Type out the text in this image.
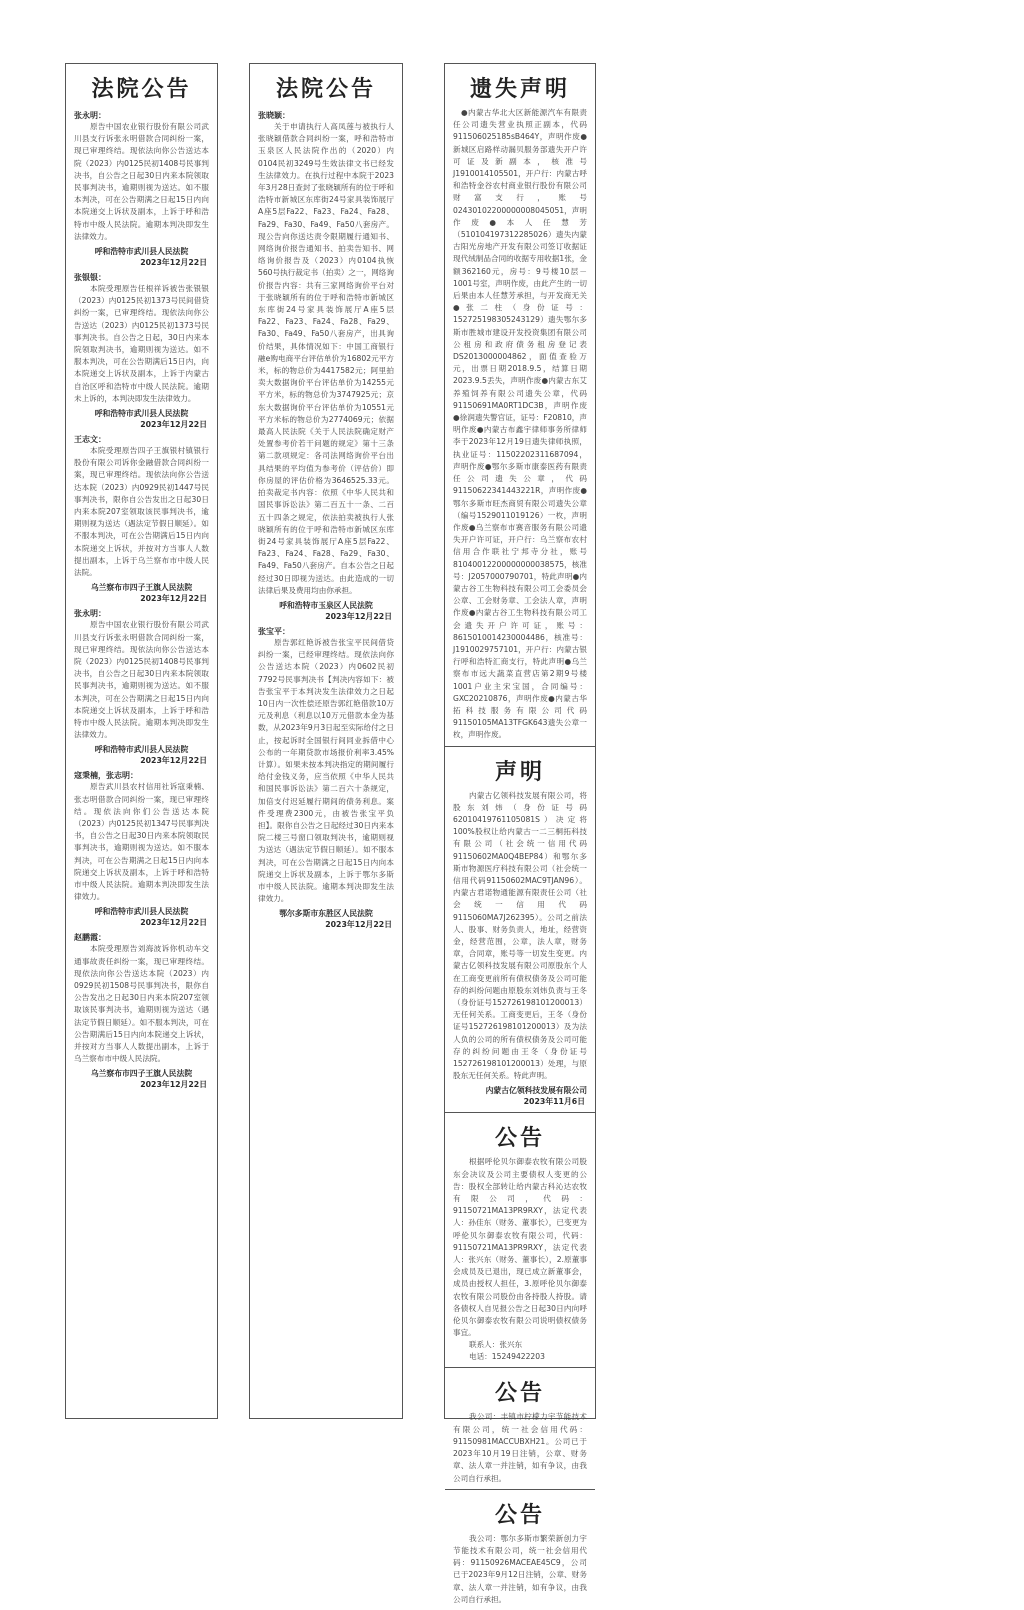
法院公告
张永明：

原告中国农业银行股份有限公司武川县支行诉张永明借款合同纠纷一案，现已审理终结。现依法向你公告送达本院（2023）内0125民初1408号民事判决书，自公告之日起30日内来本院领取民事判决书，逾期则视为送达。如不服本判决，可在公告期满之日起15日内向本院递交上诉状及副本，上诉于呼和浩特市中级人民法院。逾期本判决即发生法律效力。

呼和浩特市武川县人民法院
2023年12月22日
张银银：

本院受理原告任根祥诉被告张银银（2023）内0125民初1373号民间借贷纠纷一案，已审理终结。现依法向你公告送达（2023）内0125民初1373号民事判决书。自公告之日起，30日内来本院领取判决书，逾期则视为送达。如不服本判决，可在公告期满后15日内，向本院递交上诉状及副本，上诉于内蒙古自治区呼和浩特市中级人民法院。逾期未上诉的，本判决即发生法律效力。

呼和浩特市武川县人民法院
2023年12月22日
王志文：

本院受理原告四子王旗银村镇银行股份有限公司诉你金融借款合同纠纷一案，现已审理终结。现依法向你公告送达本院（2023）内0929民初1447号民事判决书，限你自公告发出之日起30日内来本院207室领取该民事判决书，逾期则视为送达（遇法定节假日顺延）。如不服本判决，可在公告期满后15日内向本院递交上诉状，并按对方当事人人数提出副本，上诉于乌兰察布市中级人民法院。

乌兰察布市四子王旗人民法院
2023年12月22日
张永明：

原告中国农业银行股份有限公司武川县支行诉张永明借款合同纠纷一案，现已审理终结。现依法向你公告送达本院（2023）内0125民初1408号民事判决书，自公告之日起30日内来本院领取民事判决书，逾期则视为送达。如不服本判决，可在公告期满之日起15日内向本院递交上诉状及副本，上诉于呼和浩特市中级人民法院。逾期本判决即发生法律效力。

呼和浩特市武川县人民法院
2023年12月22日
寇秉楠，张志明：

原告武川县农村信用社诉寇秉楠、张志明借款合同纠纷一案，现已审理终结。现依法向你们公告送达本院（2023）内0125民初1347号民事判决书，自公告之日起30日内来本院领取民事判决书，逾期则视为送达。如不服本判决，可在公告期满之日起15日内向本院递交上诉状及副本，上诉于呼和浩特市中级人民法院。逾期本判决即发生法律效力。

呼和浩特市武川县人民法院
2023年12月22日
赵鹏霞：

本院受理原告刘海波诉你机动车交通事故责任纠纷一案，现已审理终结。现依法向你公告送达本院（2023）内0929民初1508号民事判决书，限你自公告发出之日起30日内来本院207室领取该民事判决书，逾期则视为送达（遇法定节假日顺延）。如不服本判决，可在公告期满后15日内向本院递交上诉状，并按对方当事人人数提出副本，上诉于乌兰察布市中级人民法院。

乌兰察布市四子王旗人民法院
2023年12月22日
法院公告
张晓颖：

关于申请执行人高凤莲与被执行人张晓颖借款合同纠纷一案，呼和浩特市玉泉区人民法院作出的（2020）内0104民初3249号生效法律文书已经发生法律效力。在执行过程中本院于2023年3月28日查封了张晓颖所有的位于呼和浩特市新城区东库街24号家具装饰展厅A座5层Fa22、Fa23、Fa24、Fa28、Fa29、Fa30、Fa49、Fa50八套房产。现公告向你送达责令限期履行通知书、网络询价报告通知书、拍卖告知书、网络询价报告及（2023）内0104执恢560号执行裁定书（拍卖）之一，网络询价报告内容：共有三家网络询价平台对于张晓颖所有的位于呼和浩特市新城区东库街24号家具装饰展厅A座5层Fa22、Fa23、Fa24、Fa28、Fa29、Fa30、Fa49、Fa50八套房产，出具询价结果，具体情况如下：中国工商银行融e购电商平台评估单价为16802元平方米，标的物总价为4417582元；阿里拍卖大数据询价平台评估单价为14255元平方米，标的物总价为3747925元；京东大数据询价平台评估单价为10551元平方米标的物总价为2774069元；依据最高人民法院《关于人民法院确定财产处置参考价若干问题的规定》第十三条第二款项规定：各司法网络询价平台出具结果的平均值为参考价（评估价）即你房屋的评估价格为3646525.33元。拍卖裁定书内容：依照《中华人民共和国民事诉讼法》第二百五十一条、二百五十四条之规定，依法拍卖被执行人张晓颖所有的位于呼和浩特市新城区东库街24号家具装饰展厅A座5层Fa22、Fa23、Fa24、Fa28、Fa29、Fa30、Fa49、Fa50八套房产。自本公告之日起经过30日即视为送达。由此造成的一切法律后果及费用均由你承担。

呼和浩特市玉泉区人民法院
2023年12月22日
张宝平：

原告郭红艳诉被告张宝平民间借贷纠纷一案，已经审理终结。现依法向你公告送达本院（2023）内0602民初7792号民事判决书【判决内容如下：被告张宝平于本判决发生法律效力之日起10日内一次性偿还原告郭红艳借款10万元及利息（利息以10万元借款本金为基数，从2023年9月3日起至实际给付之日止，按起诉时全国银行间同业拆借中心公布的一年期贷款市场报价利率3.45%计算）。如果未按本判决指定的期间履行给付金钱义务，应当依照《中华人民共和国民事诉讼法》第二百六十条规定，加倍支付迟延履行期间的债务利息。案件受理费2300元，由被告张宝平负担】。限你自公告之日起经过30日内来本院二楼三号窗口领取判决书，逾期则视为送达（遇法定节假日顺延）。如不服本判决，可在公告期满之日起15日内向本院递交上诉状及副本，上诉于鄂尔多斯市中级人民法院。逾期本判决即发生法律效力。

鄂尔多斯市东胜区人民法院
2023年12月22日
遗失声明

●内蒙古华北大区新能源汽车有限责任公司遗失营业执照正副本，代码911506025185sB464Y，声明作废●新城区启路样动漏贝服务部遗失开户许可证及新副本，核准号J1910014105501，开户行：内蒙古呼和浩特金谷农村商业银行股份有限公司财富支行，账号02430102200000008045051，声明作废●本人任慧芳（510104197312285026）遗失内蒙古阳光房地产开发有限公司签订收据证现代绒制品合同的收据专用收据1张，金额362160元，房号：9号楼10层－1001号室，声明作废，由此产生的一切后果由本人任慧芳承担，与开发商无关●张二柱（身份证号：152725198305243129）遗失鄂尔多斯市胜城市建设开发投资集团有限公司公租房和政府债务租房登记表DS2013000004862，面值查验万元，出票日期2018.9.5，结算日期2023.9.5丢失，声明作废●内蒙古东艾养殖饲养有限公司遗失公章，代码91150691MA0RT1DC3B，声明作废●徐润遗失警官证，证号：F20810，声明作废●内蒙古布鑫宇律师事务所律师李于2023年12月19日遗失律师执照，执业证号：11502202311687094，声明作废●鄂尔多斯市康泰医药有限责任公司遗失公章，代码91150622341443221R，声明作废●鄂尔多斯市旺杰商贸有限公司遗失公章（编号1529011019126）一枚，声明作废●乌兰察布市赛音服务有限公司遗失开户许可证，开户行：乌兰察布农村信用合作联社宁邦寺分社，账号81040012200000000038575，核准号：J2057000790701，特此声明●内蒙古谷工生物科技有限公司工会委员会公章、工会财务章、工会法人章，声明作废●内蒙古谷工生物科技有限公司工会遗失开户许可证，账号：8615010014230004486，核准号：J1910029757101，开户行：内蒙古银行呼和浩特汇商支行，特此声明●乌兰察布市远大蔬菜直营店第2期9号楼1001户业主宋宝国，合同编号：GXC20210876，声明作废●内蒙古华拓科技服务有限公司代码91150105MA13TFGK643遗失公章一枚，声明作废。

声明

内蒙古亿领科技发展有限公司，将股东刘炜（身份证号码62010419761105081S）决定将100%股权让给内蒙古一二三桐拓科技有限公司（社会统一信用代码91150602MA0Q4BEP84）和鄂尔多斯市物源医疗科技有限公司（社会统一信用代码91150602MAC9TJAN96）。内蒙古君诺物通能源有限责任公司（社会统一信用代码9115060MA7J262395）。公司之前法人、股事、财务负责人，地址，经营资金，经营范围，公章，法人章，财务章，合同章，账号等一切发生变更。内蒙古亿领科技发展有限公司原股东个人在工商变更前所有债权债务及公司可能存的纠纷问题由原股东刘炜负责与王冬（身份证号152726198101200013）无任何关系。工商变更后，王冬（身份证号152726198101200013）及为法人负的公司的所有债权债务及公司可能存的纠纷问题由王冬（身份证号152726198101200013）处理，与原股东无任何关系。特此声明。

内蒙古亿领科技发展有限公司
2023年11月6日
公告

根据呼伦贝尔御泰农牧有限公司股东会决议及公司主要债权人变更的公告：股权全部转让给内蒙古科沁达农牧有限公司，代码：91150721MA13PR9RXY，法定代表人：孙佳东（财务、董事长），已变更为呼伦贝尔御泰农牧有限公司，代码：91150721MA13PR9RXY，法定代表人：张兴东（财务、董事长），2.原董事会成员及已退出，现已成立新董事会，成员由授权人担任，3.原呼伦贝尔御泰农牧有限公司股份由各持股人持股。请各债权人自见报公告之日起30日内向呼伦贝尔御泰农牧有限公司说明债权债务事宜。

联系人：张兴东
电话：15249422203
公告

我公司：丰镇市柠檬力宇节能技术有限公司，统一社会信用代码：91150981MACCUBXH21。公司已于2023年10月19日注销，公章、财务章、法人章一并注销，如有争议，由我公司自行承担。

公告

我公司：鄂尔多斯市繁荣新创力宇节能技术有限公司，统一社会信用代码：91150926MACEAE45C9，公司已于2023年9月12日注销，公章、财务章、法人章一并注销，如有争议，由我公司自行承担。
